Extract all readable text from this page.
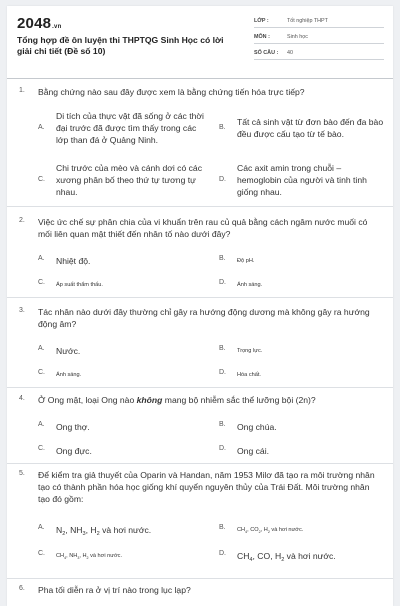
2048.vn
Tổng hợp đề ôn luyện thi THPTQG Sinh Học có lời giải chi tiết (Đề số 10)
LỚP :	Tốt nghiệp THPT
MÔN :	Sinh học
SỐ CÂU : 40
1. Bằng chứng nào sau đây được xem là bằng chứng tiến hóa trực tiếp?
A.
Di tích của thực vật đã sống ở các thời đại trước đã được tìm thấy trong các lớp than đá ở Quảng Ninh.
B.
Tất cả sinh vật từ đơn bào đến đa bào đều được cấu tạo từ tế bào.
C.
Chi trước của mèo và cánh dơi có các xương phân bố theo thứ tự tương tự nhau.
D.
Các axit amin trong chuỗi – hemoglobin của người và tinh tinh giống nhau.
2. Việc ức chế sự phân chia của vi khuẩn trên rau củ quả bằng cách ngâm nước muối có mối liên quan mật thiết đến nhân tố nào dưới đây?
A. Nhiệt độ.	B. Độ pH.
C. Áp suất thẩm thấu.	D. Ánh sáng.
3. Tác nhân nào dưới đây thường chỉ gây ra hướng động dương mà không gây ra hướng động âm?
A. Nước.	B. Trọng lực.
C. Ánh sáng.	D. Hóa chất.
4. Ở Ong mật, loại Ong nào không mang bộ nhiễm sắc thể lưỡng bội (2n)?
A. Ong thợ.	B. Ong chúa.
C. Ong đực.	D. Ong cái.
5. Để kiểm tra giả thuyết của Oparin và Handan, năm 1953 Milơ đã tạo ra môi trường nhân tạo có thành phần hóa học giống khí quyển nguyên thủy của Trái Đất. Môi trường nhân tạo đó gồm:
A. $N_2$, $NH_3$, $H_2$ và hơi nước.	B. $CH_4$, $CO_2$, $H_2$ và hơi nước.
C. $CH_4$, $NH_3$, $H_2$ và hơi nước.	D. $CH_4$, CO, $H_2$ và hơi nước.
6. Pha tối diễn ra ở vị trí nào trong lục lạp?
